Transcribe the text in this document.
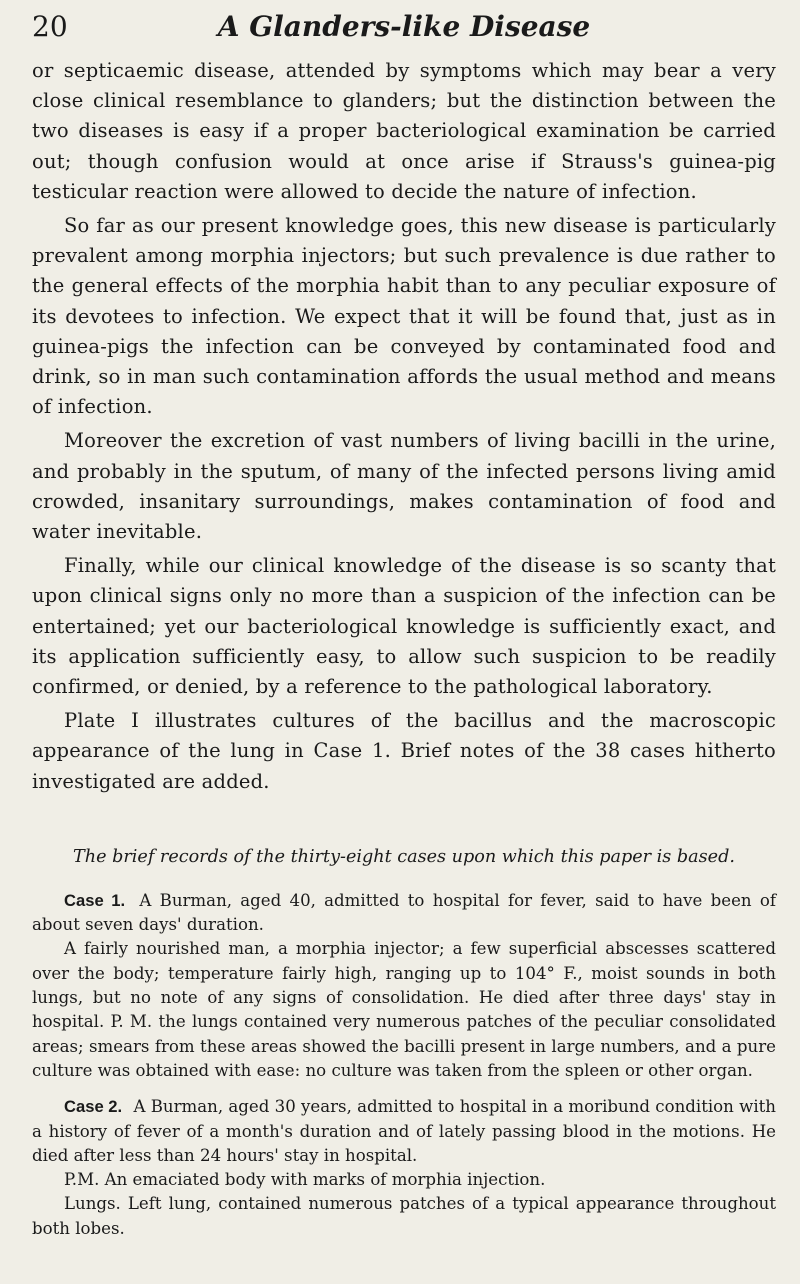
20	A Glanders-like Disease

or septicaemic disease, attended by symptoms which may bear a very close clinical resemblance to glanders; but the distinction between the two diseases is easy if a proper bacteriological examination be carried out; though confusion would at once arise if Strauss's guinea-pig testicular reaction were allowed to decide the nature of infection.

So far as our present knowledge goes, this new disease is particularly prevalent among morphia injectors; but such prevalence is due rather to the general effects of the morphia habit than to any peculiar exposure of its devotees to infection. We expect that it will be found that, just as in guinea-pigs the infection can be conveyed by contaminated food and drink, so in man such contamination affords the usual method and means of infection.

Moreover the excretion of vast numbers of living bacilli in the urine, and probably in the sputum, of many of the infected persons living amid crowded, insanitary surroundings, makes contamination of food and water inevitable.

Finally, while our clinical knowledge of the disease is so scanty that upon clinical signs only no more than a suspicion of the infection can be entertained; yet our bacteriological knowledge is sufficiently exact, and its application sufficiently easy, to allow such suspicion to be readily confirmed, or denied, by a reference to the pathological laboratory.

Plate I illustrates cultures of the bacillus and the macroscopic appearance of the lung in Case 1. Brief notes of the 38 cases hitherto investigated are added.

The brief records of the thirty-eight cases upon which this paper is based.

Case 1. A Burman, aged 40, admitted to hospital for fever, said to have been of about seven days' duration.

A fairly nourished man, a morphia injector; a few superficial abscesses scattered over the body; temperature fairly high, ranging up to 104° F., moist sounds in both lungs, but no note of any signs of consolidation. He died after three days' stay in hospital. P. M. the lungs contained very numerous patches of the peculiar consolidated areas; smears from these areas showed the bacilli present in large numbers, and a pure culture was obtained with ease: no culture was taken from the spleen or other organ.

Case 2. A Burman, aged 30 years, admitted to hospital in a moribund condition with a history of fever of a month's duration and of lately passing blood in the motions. He died after less than 24 hours' stay in hospital.

P.M. An emaciated body with marks of morphia injection.

Lungs. Left lung, contained numerous patches of a typical appearance throughout both lobes.
